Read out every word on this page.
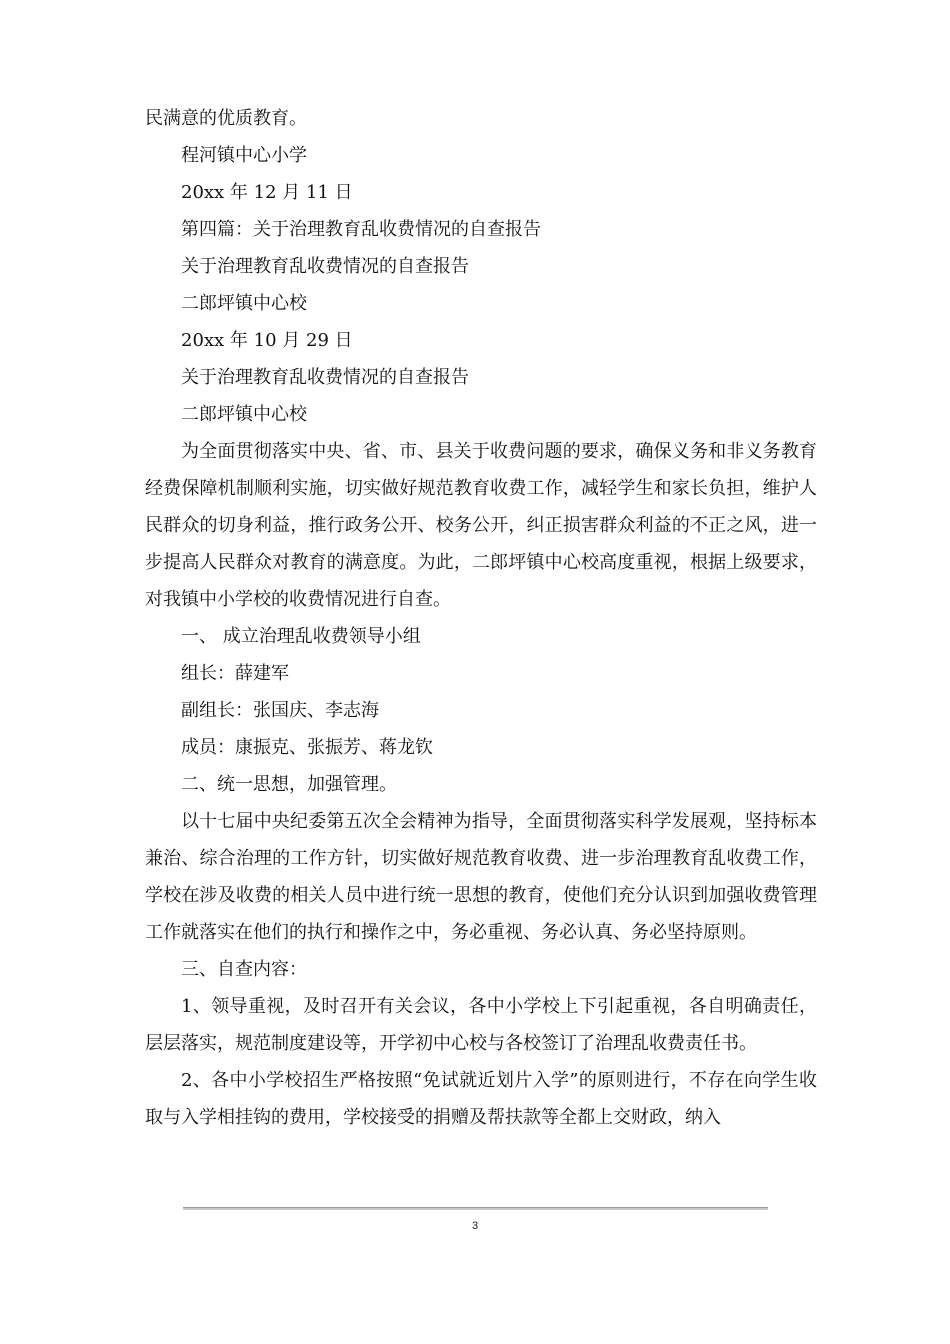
民满意的优质教育。
程河镇中心小学
20xx 年 12 月 11 日
第四篇：关于治理教育乱收费情况的自查报告
关于治理教育乱收费情况的自查报告
二郎坪镇中心校
20xx 年 10 月 29 日
关于治理教育乱收费情况的自查报告
二郎坪镇中心校
为全面贯彻落实中央、省、市、县关于收费问题的要求，确保义务和非义务教育经费保障机制顺利实施，切实做好规范教育收费工作，减轻学生和家长负担，维护人民群众的切身利益，推行政务公开、校务公开，纠正损害群众利益的不正之风，进一步提高人民群众对教育的满意度。为此，二郎坪镇中心校高度重视，根据上级要求，对我镇中小学校的收费情况进行自查。
一、 成立治理乱收费领导小组
组长：薛建军
副组长：张国庆、李志海
成员：康振克、张振芳、蒋龙钦
二、统一思想，加强管理。
以十七届中央纪委第五次全会精神为指导，全面贯彻落实科学发展观，坚持标本兼治、综合治理的工作方针，切实做好规范教育收费、进一步治理教育乱收费工作，学校在涉及收费的相关人员中进行统一思想的教育，使他们充分认识到加强收费管理工作就落实在他们的执行和操作之中，务必重视、务必认真、务必坚持原则。
三、自查内容：
1、领导重视，及时召开有关会议，各中小学校上下引起重视，各自明确责任，层层落实，规范制度建设等，开学初中心校与各校签订了治理乱收费责任书。
2、各中小学校招生严格按照“免试就近划片入学”的原则进行，不存在向学生收取与入学相挂钩的费用，学校接受的捐赠及帮扶款等全都上交财政，纳入
3
